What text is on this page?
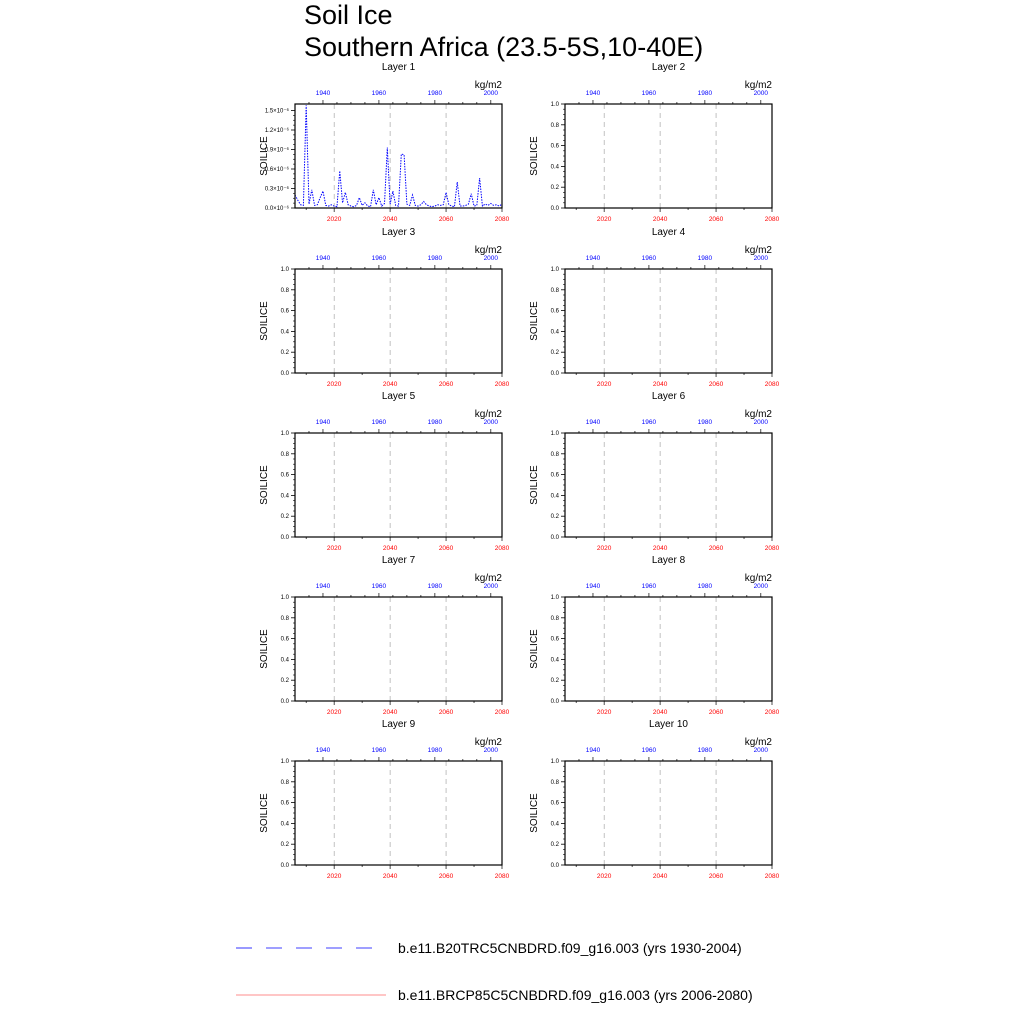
Soil Ice
Southern Africa (23.5-5S,10-40E)
Layer 1
kg/m2
SOILICE
0.0×10⁻⁶
0.3×10⁻⁶
0.6×10⁻⁶
0.9×10⁻⁶
1.2×10⁻⁶
1.5×10⁻⁶
2020	2040	2060	2080
1940	1960	1980	2000
Layer 2
kg/m2
SOILICE
0.0
0.2
0.4
0.6
0.8
1.0
2020	2040	2060	2080
1940	1960	1980	2000
Layer 3
kg/m2
SOILICE
0.0
0.2
0.4
0.6
0.8
1.0
2020	2040	2060	2080
1940	1960	1980	2000
Layer 4
kg/m2
SOILICE
0.0
0.2
0.4
0.6
0.8
1.0
2020	2040	2060	2080
1940	1960	1980	2000
Layer 5
kg/m2
SOILICE
0.0
0.2
0.4
0.6
0.8
1.0
2020	2040	2060	2080
1940	1960	1980	2000
Layer 6
kg/m2
SOILICE
0.0
0.2
0.4
0.6
0.8
1.0
2020	2040	2060	2080
1940	1960	1980	2000
Layer 7
kg/m2
SOILICE
0.0
0.2
0.4
0.6
0.8
1.0
2020	2040	2060	2080
1940	1960	1980	2000
Layer 8
kg/m2
SOILICE
0.0
0.2
0.4
0.6
0.8
1.0
2020	2040	2060	2080
1940	1960	1980	2000
Layer 9
kg/m2
SOILICE
0.0
0.2
0.4
0.6
0.8
1.0
2020	2040	2060	2080
1940	1960	1980	2000
Layer 10
kg/m2
SOILICE
0.0
0.2
0.4
0.6
0.8
1.0
2020	2040	2060	2080
1940	1960	1980	2000
b.e11.B20TRC5CNBDRD.f09_g16.003 (yrs 1930-2004)
b.e11.BRCP85C5CNBDRD.f09_g16.003 (yrs 2006-2080)
